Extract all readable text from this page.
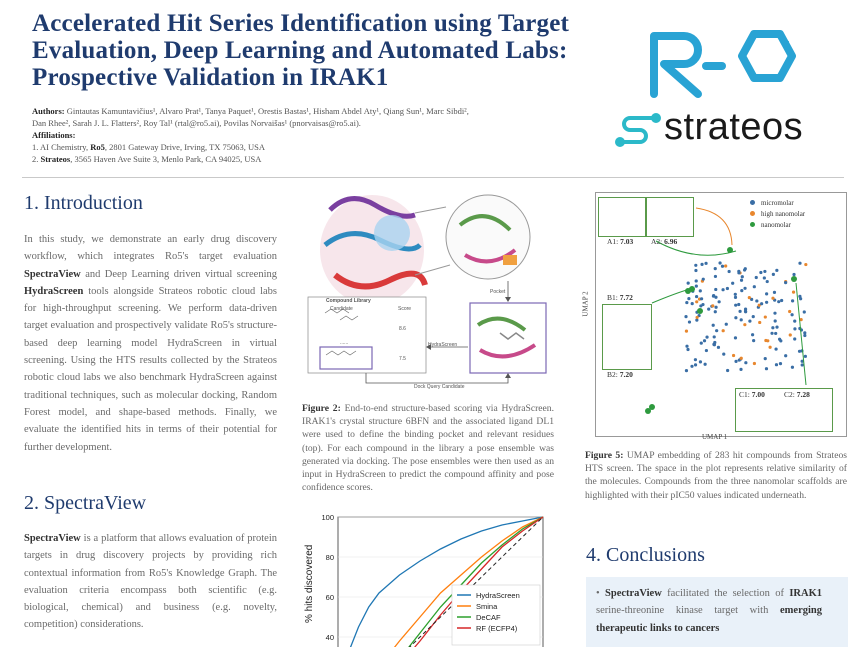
Accelerated Hit Series Identification using Target Evaluation, Deep Learning and Automated Labs: Prospective Validation in IRAK1
Authors: Gintautas Kamuntavičius¹, Alvaro Prat¹, Tanya Paquet¹, Orestis Bastas¹, Hisham Abdel Aty¹, Qiang Sun¹, Marc Sibdi²,
Dan Rhee², Sarah J. L. Flatters², Roy Tal¹ (rtal@ro5.ai), Povilas Norvaišas¹ (pnorvaisas@ro5.ai).
Affiliations:
1. AI Chemistry, Ro5, 2801 Gateway Drive, Irving, TX 75063, USA
2. Strateos, 3565 Haven Ave Suite 3, Menlo Park, CA 94025, USA
5
strateos
1. Introduction
In this study, we demonstrate an early drug discovery workflow, which integrates Ro5's target evaluation SpectraView and Deep Learning driven virtual screening HydraScreen tools alongside Strateos robotic cloud labs for high-throughput screening. We perform data-driven target evaluation and prospectively validate Ro5's structure-based deep learning model HydraScreen in virtual screening. Using the HTS results collected by the Strateos robotic cloud labs we also benchmark HydraScreen against traditional techniques, such as molecular docking, Random Forest model, and shape-based methods. Finally, we evaluate the identified hits in terms of their potential for further development.
2. SpectraView
SpectraView is a platform that allows evaluation of protein targets in drug discovery projects by providing rich contextual information from Ro5's Knowledge Graph. The evaluation criteria encompass both scientific (e.g. biological, chemical) and business (e.g. novelty, competition) considerations.
Compound Library
Candidate	Score
8.6
......
7.5
Pocket
HydraScreen
Dock Query Candidate
Figure 2: End-to-end structure-based scoring via HydraScreen. IRAK1's crystal structure 6BFN and the associated ligand DL1 were used to define the binding pocket and relevant residues (top). For each compound in the library a pose ensemble was generated via docking. The pose ensembles were then used as an input in HydraScreen to predict the compound affinity and pose confidence scores.
% hits discovered
100
80
60
40
HydraScreen
Smina
DeCAF
RF (ECFP4)
UMAP 1
UMAP 2
micromolar
high nanomolar
nanomolar
A1: 7.03 A2: 6.96
B1: 7.72
B2: 7.20
C1: 7.00	C2: 7.28
Figure 5: UMAP embedding of 283 hit compounds from Strateos HTS screen. The space in the plot represents relative similarity of the molecules. Compounds from the three nanomolar scaffolds are highlighted with their pIC50 values indicated underneath.
4. Conclusions
• SpectraView facilitated the selection of IRAK1 serine-threonine kinase target with emerging therapeutic links to cancers
